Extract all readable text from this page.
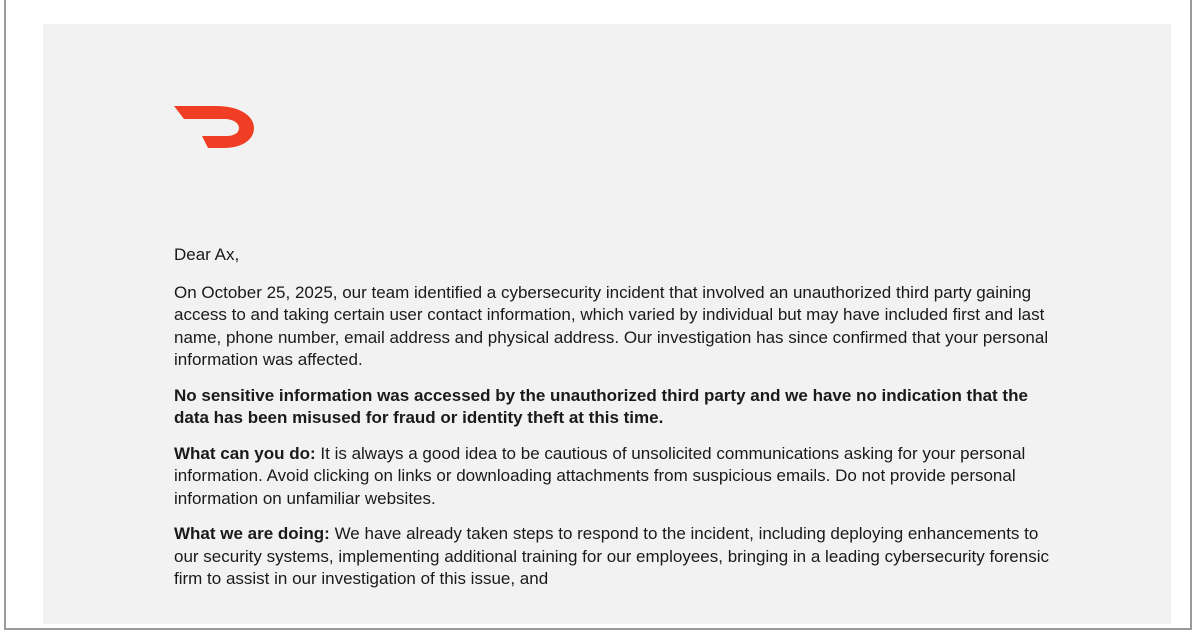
Dear Ax,

On October 25, 2025, our team identified a cybersecurity incident that involved an unauthorized third party gaining access to and taking certain user contact information, which varied by individual but may have included first and last name, phone number, email address and physical address. Our investigation has since confirmed that your personal information was affected.

No sensitive information was accessed by the unauthorized third party and we have no indication that the data has been misused for fraud or identity theft at this time.

What can you do: It is always a good idea to be cautious of unsolicited communications asking for your personal information. Avoid clicking on links or downloading attachments from suspicious emails. Do not provide personal information on unfamiliar websites.

What we are doing: We have already taken steps to respond to the incident, including deploying enhancements to our security systems, implementing additional training for our employees, bringing in a leading cybersecurity forensic firm to assist in our investigation of this issue, and
